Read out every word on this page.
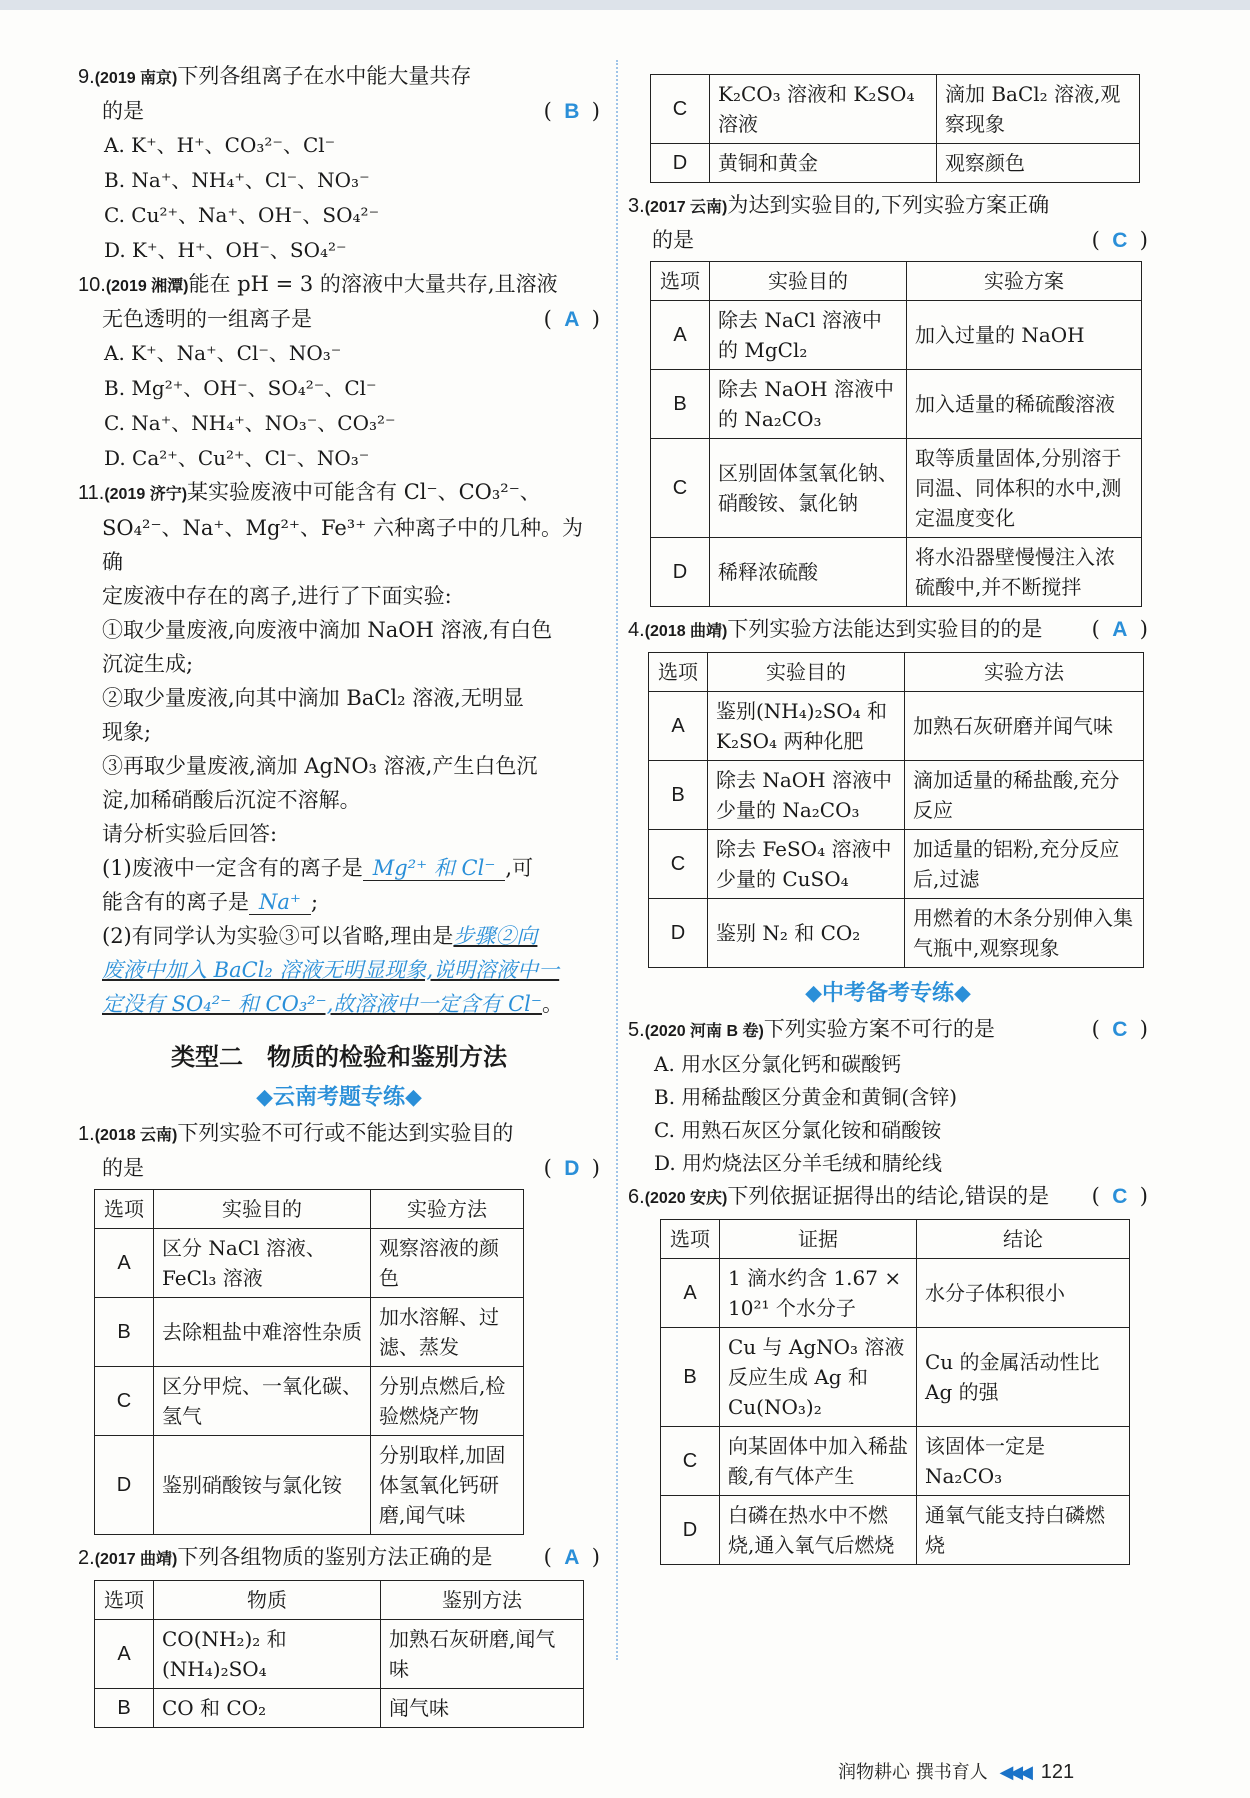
9.(2019 南京)下列各组离子在水中能大量共存

的是	( B )

A. K⁺、H⁺、CO₃²⁻、Cl⁻

B. Na⁺、NH₄⁺、Cl⁻、NO₃⁻

C. Cu²⁺、Na⁺、OH⁻、SO₄²⁻

D. K⁺、H⁺、OH⁻、SO₄²⁻

10.(2019 湘潭)能在 pH = 3 的溶液中大量共存,且溶液

无色透明的一组离子是	( A )

A. K⁺、Na⁺、Cl⁻、NO₃⁻

B. Mg²⁺、OH⁻、SO₄²⁻、Cl⁻

C. Na⁺、NH₄⁺、NO₃⁻、CO₃²⁻

D. Ca²⁺、Cu²⁺、Cl⁻、NO₃⁻

11.(2019 济宁)某实验废液中可能含有 Cl⁻、CO₃²⁻、

SO₄²⁻、Na⁺、Mg²⁺、Fe³⁺ 六种离子中的几种。为确

定废液中存在的离子,进行了下面实验:

①取少量废液,向废液中滴加 NaOH 溶液,有白色

沉淀生成;

②取少量废液,向其中滴加 BaCl₂ 溶液,无明显

现象;

③再取少量废液,滴加 AgNO₃ 溶液,产生白色沉

淀,加稀硝酸后沉淀不溶解。

请分析实验后回答:

(1)废液中一定含有的离子是 Mg²⁺ 和 Cl⁻ ,可

能含有的离子是 Na⁺ ;

(2)有同学认为实验③可以省略,理由是步骤②向

废液中加入 BaCl₂ 溶液无明显现象,说明溶液中一

定没有 SO₄²⁻ 和 CO₃²⁻,故溶液中一定含有 Cl⁻。

类型二　物质的检验和鉴别方法
◆云南考题专练◆

1.(2018 云南)下列实验不可行或不能达到实验目的

的是	( D )

选项	实验目的	实验方法
A	区分 NaCl 溶液、FeCl₃ 溶液	观察溶液的颜色
B	去除粗盐中难溶性杂质	加水溶解、过滤、蒸发
C	区分甲烷、一氧化碳、氢气	分别点燃后,检验燃烧产物
D	鉴别硝酸铵与氯化铵	分别取样,加固体氢氧化钙研磨,闻气味

2.(2017 曲靖)下列各组物质的鉴别方法正确的是 ( A )

选项	物质	鉴别方法
A	CO(NH₂)₂ 和(NH₄)₂SO₄	加熟石灰研磨,闻气味
B	CO 和 CO₂	闻气味
C	K₂CO₃ 溶液和 K₂SO₄ 溶液	滴加 BaCl₂ 溶液,观察现象
D	黄铜和黄金	观察颜色

3.(2017 云南)为达到实验目的,下列实验方案正确

的是	( C )

选项	实验目的	实验方案
A	除去 NaCl 溶液中的 MgCl₂	加入过量的 NaOH
B	除去 NaOH 溶液中的 Na₂CO₃	加入适量的稀硫酸溶液
C	区别固体氢氧化钠、硝酸铵、氯化钠	取等质量固体,分别溶于同温、同体积的水中,测定温度变化
D	稀释浓硫酸	将水沿器壁慢慢注入浓硫酸中,并不断搅拌

4.(2018 曲靖)下列实验方法能达到实验目的的是 ( A )

选项	实验目的	实验方法
A	鉴别(NH₄)₂SO₄ 和 K₂SO₄ 两种化肥	加熟石灰研磨并闻气味
B	除去 NaOH 溶液中少量的 Na₂CO₃	滴加适量的稀盐酸,充分反应
C	除去 FeSO₄ 溶液中少量的 CuSO₄	加适量的铝粉,充分反应后,过滤
D	鉴别 N₂ 和 CO₂	用燃着的木条分别伸入集气瓶中,观察现象
◆中考备考专练◆

5.(2020 河南 B 卷)下列实验方案不可行的是	( C )

A. 用水区分氯化钙和碳酸钙

B. 用稀盐酸区分黄金和黄铜(含锌)

C. 用熟石灰区分氯化铵和硝酸铵

D. 用灼烧法区分羊毛绒和腈纶线

6.(2020 安庆)下列依据证据得出的结论,错误的是 ( C )

选项	证据	结论
A	1 滴水约含 1.67 × 10²¹ 个水分子	水分子体积很小
B	Cu 与 AgNO₃ 溶液反应生成 Ag 和 Cu(NO₃)₂	Cu 的金属活动性比 Ag 的强
C	向某固体中加入稀盐酸,有气体产生	该固体一定是 Na₂CO₃
D	白磷在热水中不燃烧,通入氧气后燃烧	通氧气能支持白磷燃烧
润物耕心 撰书育人 ◀◀◀ 121
